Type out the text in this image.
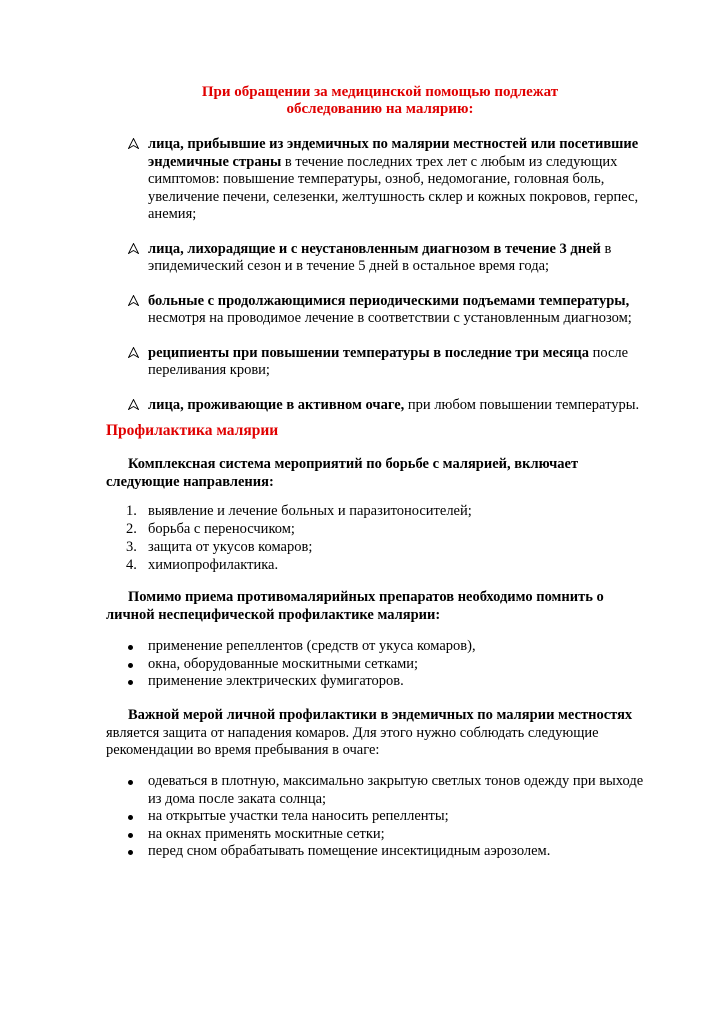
При обращении за медицинской помощью подлежат
обследованию на малярию:
лица, прибывшие из эндемичных по малярии местностей или посетившие эндемичные страны в течение последних трех лет с любым из следующих симптомов: повышение температуры, озноб, недомогание, головная боль, увеличение печени, селезенки, желтушность склер и кожных покровов, герпес, анемия;
лица, лихорадящие и с неустановленным диагнозом в течение 3 дней в эпидемический сезон и в течение 5 дней в остальное время года;
больные с продолжающимися периодическими подъемами температуры, несмотря на проводимое лечение в соответствии с установленным диагнозом;
реципиенты при повышении температуры в последние три месяца после переливания крови;
лица, проживающие в активном очаге, при любом повышении температуры.
Профилактика малярии
Комплексная система мероприятий по борьбе с малярией, включает следующие направления:
1. выявление и лечение больных и паразитоносителей;
2. борьба с переносчиком;
3. защита от укусов комаров;
4. химиопрофилактика.
Помимо приема противомалярийных препаратов необходимо помнить о личной неспецифической профилактике малярии:
применение репеллентов (средств от укуса комаров),
окна, оборудованные москитными сетками;
применение электрических фумигаторов.
Важной мерой личной профилактики в эндемичных по малярии местностях является защита от нападения комаров. Для этого нужно соблюдать следующие рекомендации во время пребывания в очаге:
одеваться в плотную, максимально закрытую светлых тонов одежду при выходе из дома после заката солнца;
на открытые участки тела наносить репелленты;
на окнах применять москитные сетки;
перед сном обрабатывать помещение инсектицидным аэрозолем.
